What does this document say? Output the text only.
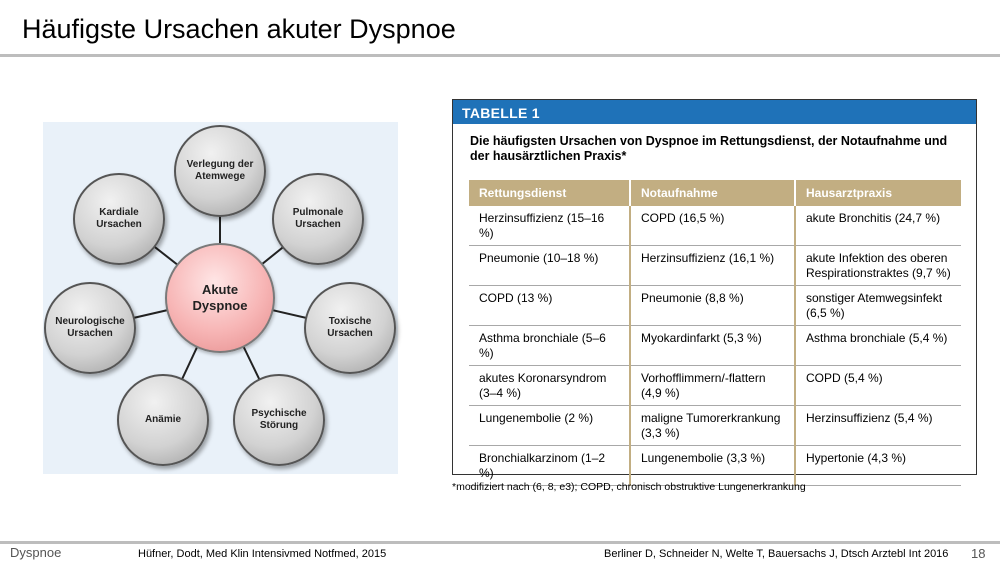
Häufigste Ursachen akuter Dyspnoe
Verlegung der
Atemwege
Pulmonale
Ursachen
Toxische
Ursachen
Psychische
Störung
Anämie
Neurologische
Ursachen
Kardiale
Ursachen
Akute
Dyspnoe
TABELLE 1
Die häufigsten Ursachen von Dyspnoe im Rettungsdienst, der Notaufnahme und der hausärztlichen Praxis*
Rettungsdienst	Notaufnahme	Hausarztpraxis
Herzinsuffizienz (15–16 %)	COPD (16,5 %)	akute Bronchitis (24,7 %)
Pneumonie (10–18 %)	Herzinsuffizienz (16,1 %)	akute Infektion des oberen Respirationstraktes (9,7 %)
COPD (13 %)	Pneumonie (8,8 %)	sonstiger Atemwegsinfekt (6,5 %)
Asthma bronchiale (5–6 %)	Myokardinfarkt (5,3 %)	Asthma bronchiale (5,4 %)
akutes Koronarsyndrom (3–4 %)	Vorhofflimmern/-flattern (4,9 %)	COPD (5,4 %)
Lungenembolie (2 %)	maligne Tumorerkrankung (3,3 %)	Herzinsuffizienz (5,4 %)
Bronchialkarzinom (1–2 %)	Lungenembolie (3,3 %)	Hypertonie (4,3 %)
*modifiziert nach (6, 8, e3); COPD, chronisch obstruktive Lungenerkrankung
Dyspnoe	Hüfner, Dodt, Med Klin Intensivmed Notfmed, 2015	Berliner D, Schneider N, Welte T, Bauersachs J, Dtsch Arztebl Int 2016 18
